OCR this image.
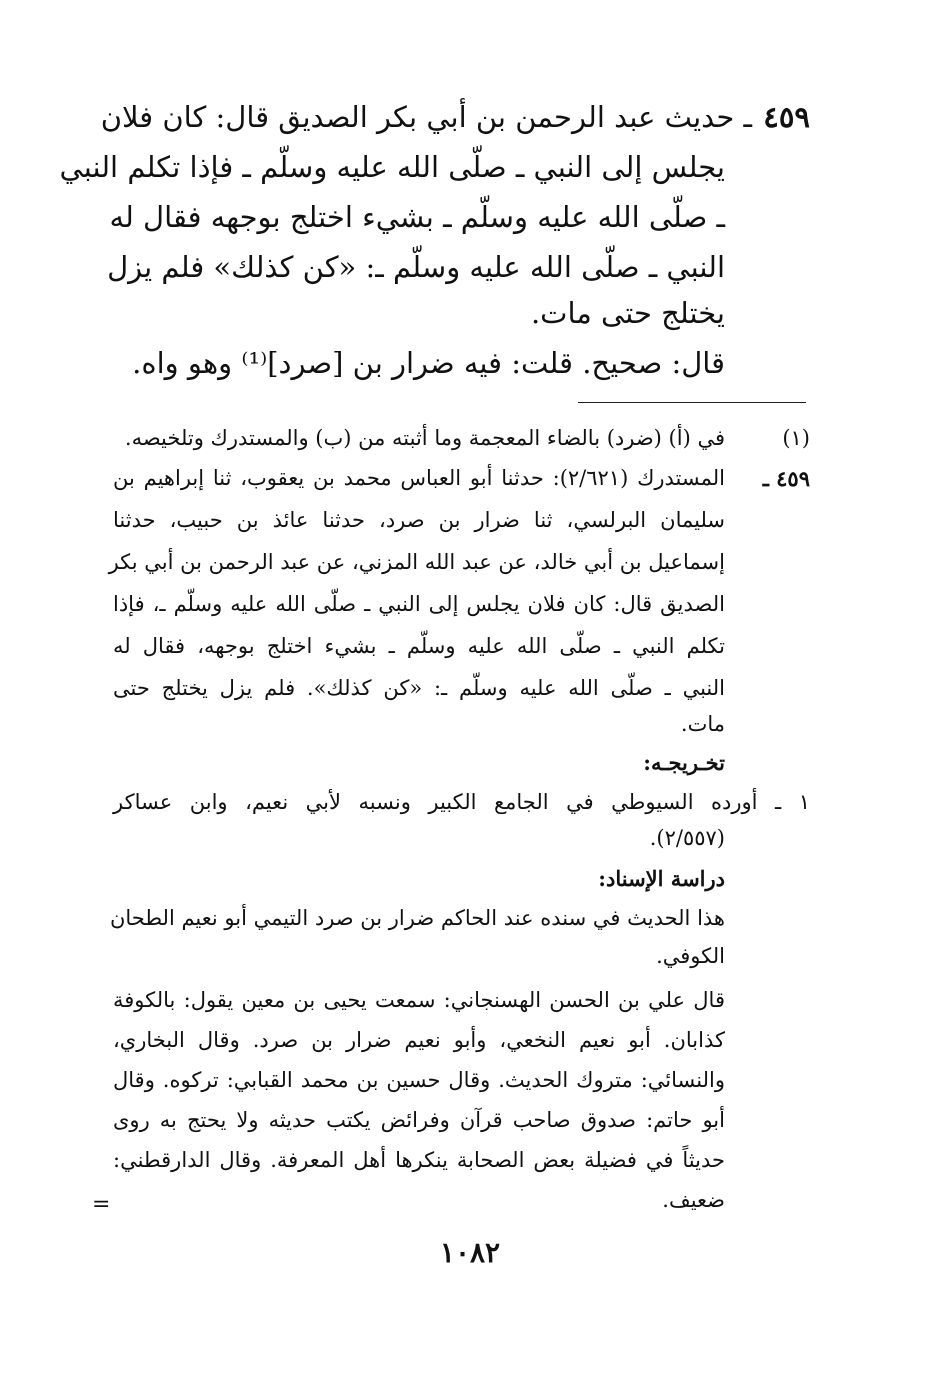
٤٥٩
ـ حديث عبد الرحمن بن أبي بكر الصديق قال: كان فلان
يجلس إلى النبي ـ صلّى الله عليه وسلّم ـ فإذا تكلم النبي
ـ صلّى الله عليه وسلّم ـ بشيء اختلج بوجهه فقال له
النبي ـ صلّى الله عليه وسلّم ـ: «كن كذلك» فلم يزل
يختلج حتى مات.
قال: صحيح. قلت: فيه ضرار بن [صرد]⁽¹⁾ وهو واه.
(١)
في (أ) (ضرد) بالضاء المعجمة وما أثبته من (ب) والمستدرك وتلخيصه.
٤٥٩ ـ
المستدرك (٢/٦٢١): حدثنا أبو العباس محمد بن يعقوب، ثنا إبراهيم بن
سليمان البرلسي، ثنا ضرار بن صرد، حدثنا عائذ بن حبيب، حدثنا
إسماعيل بن أبي خالد، عن عبد الله المزني، عن عبد الرحمن بن أبي بكر
الصديق قال: كان فلان يجلس إلى النبي ـ صلّى الله عليه وسلّم ـ، فإذا
تكلم النبي ـ صلّى الله عليه وسلّم ـ بشيء اختلج بوجهه، فقال له
النبي ـ صلّى الله عليه وسلّم ـ: «كن كذلك». فلم يزل يختلج حتى
مات.
تخـريجـه:
١ ـ أورده السيوطي في الجامع الكبير ونسبه لأبي نعيم، وابن عساكر
(٢/٥٥٧).
دراسة الإسناد:
هذا الحديث في سنده عند الحاكم ضرار بن صرد التيمي أبو نعيم الطحان
الكوفي.
قال علي بن الحسن الهسنجاني: سمعت يحيى بن معين يقول: بالكوفة
كذابان. أبو نعيم النخعي، وأبو نعيم ضرار بن صرد. وقال البخاري،
والنسائي: متروك الحديث. وقال حسين بن محمد القبابي: تركوه. وقال
أبو حاتم: صدوق صاحب قرآن وفرائض يكتب حديثه ولا يحتج به روى
حديثاً في فضيلة بعض الصحابة ينكرها أهل المعرفة. وقال الدارقطني:
ضعيف.
=
١٠٨٢
